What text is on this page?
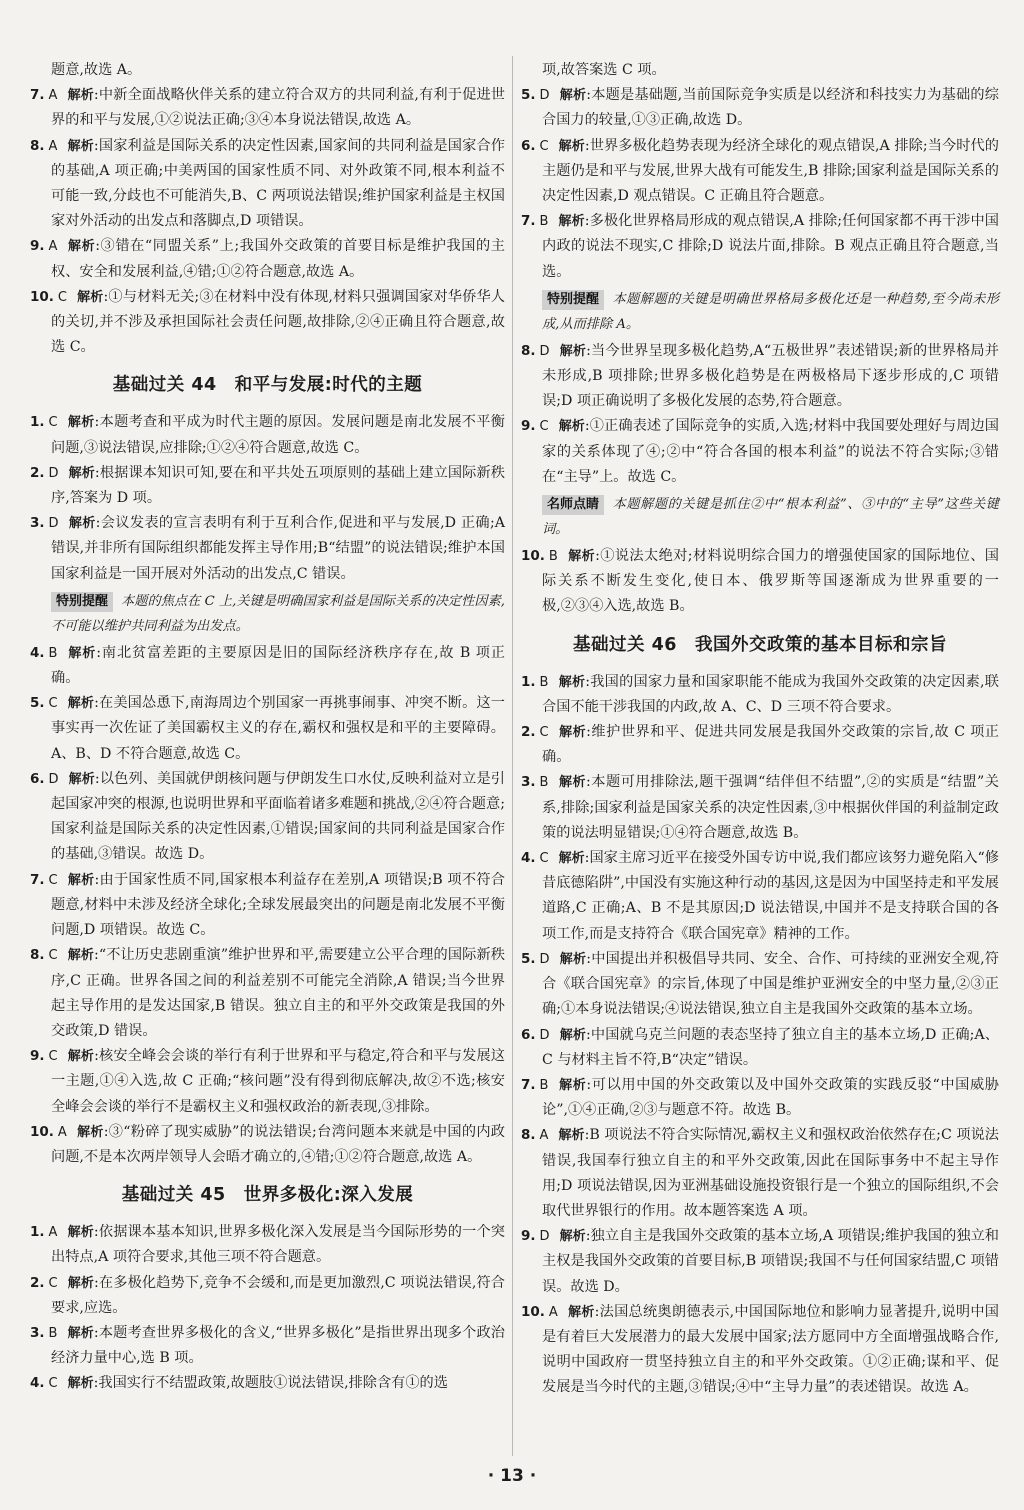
题意,故选 A。

7. A 解析:中新全面战略伙伴关系的建立符合双方的共同利益,有利于促进世界的和平与发展,①②说法正确;③④本身说法错误,故选 A。

8. A 解析:国家利益是国际关系的决定性因素,国家间的共同利益是国家合作的基础,A 项正确;中美两国的国家性质不同、对外政策不同,根本利益不可能一致,分歧也不可能消失,B、C 两项说法错误;维护国家利益是主权国家对外活动的出发点和落脚点,D 项错误。

9. A 解析:③错在“同盟关系”上;我国外交政策的首要目标是维护我国的主权、安全和发展利益,④错;①②符合题意,故选 A。

10. C 解析:①与材料无关;③在材料中没有体现,材料只强调国家对华侨华人的关切,并不涉及承担国际社会责任问题,故排除,②④正确且符合题意,故选 C。

基础过关 44　和平与发展:时代的主题

1. C 解析:本题考查和平成为时代主题的原因。发展问题是南北发展不平衡问题,③说法错误,应排除;①②④符合题意,故选 C。

2. D 解析:根据课本知识可知,要在和平共处五项原则的基础上建立国际新秩序,答案为 D 项。

3. D 解析:会议发表的宣言表明有利于互利合作,促进和平与发展,D 正确;A 错误,并非所有国际组织都能发挥主导作用;B“结盟”的说法错误;维护本国国家利益是一国开展对外活动的出发点,C 错误。

特别提醒 本题的焦点在 C 上,关键是明确国家利益是国际关系的决定性因素,不可能以维护共同利益为出发点。

4. B 解析:南北贫富差距的主要原因是旧的国际经济秩序存在,故 B 项正确。

5. C 解析:在美国怂恿下,南海周边个别国家一再挑事闹事、冲突不断。这一事实再一次佐证了美国霸权主义的存在,霸权和强权是和平的主要障碍。A、B、D 不符合题意,故选 C。

6. D 解析:以色列、美国就伊朗核问题与伊朗发生口水仗,反映利益对立是引起国家冲突的根源,也说明世界和平面临着诸多难题和挑战,②④符合题意;国家利益是国际关系的决定性因素,①错误;国家间的共同利益是国家合作的基础,③错误。故选 D。

7. C 解析:由于国家性质不同,国家根本利益存在差别,A 项错误;B 项不符合题意,材料中未涉及经济全球化;全球发展最突出的问题是南北发展不平衡问题,D 项错误。故选 C。

8. C 解析:“不让历史悲剧重演”维护世界和平,需要建立公平合理的国际新秩序,C 正确。世界各国之间的利益差别不可能完全消除,A 错误;当今世界起主导作用的是发达国家,B 错误。独立自主的和平外交政策是我国的外交政策,D 错误。

9. C 解析:核安全峰会会谈的举行有利于世界和平与稳定,符合和平与发展这一主题,①④入选,故 C 正确;“核问题”没有得到彻底解决,故②不选;核安全峰会会谈的举行不是霸权主义和强权政治的新表现,③排除。

10. A 解析:③“粉碎了现实威胁”的说法错误;台湾问题本来就是中国的内政问题,不是本次两岸领导人会晤才确立的,④错;①②符合题意,故选 A。

基础过关 45　世界多极化:深入发展

1. A 解析:依据课本基本知识,世界多极化深入发展是当今国际形势的一个突出特点,A 项符合要求,其他三项不符合题意。

2. C 解析:在多极化趋势下,竞争不会缓和,而是更加激烈,C 项说法错误,符合要求,应选。

3. B 解析:本题考查世界多极化的含义,“世界多极化”是指世界出现多个政治经济力量中心,选 B 项。

4. C 解析:我国实行不结盟政策,故题肢①说法错误,排除含有①的选

项,故答案选 C 项。

5. D 解析:本题是基础题,当前国际竞争实质是以经济和科技实力为基础的综合国力的较量,①③正确,故选 D。

6. C 解析:世界多极化趋势表现为经济全球化的观点错误,A 排除;当今时代的主题仍是和平与发展,世界大战有可能发生,B 排除;国家利益是国际关系的决定性因素,D 观点错误。C 正确且符合题意。

7. B 解析:多极化世界格局形成的观点错误,A 排除;任何国家都不再干涉中国内政的说法不现实,C 排除;D 说法片面,排除。B 观点正确且符合题意,当选。

特别提醒 本题解题的关键是明确世界格局多极化还是一种趋势,至今尚未形成,从而排除 A。

8. D 解析:当今世界呈现多极化趋势,A“五极世界”表述错误;新的世界格局并未形成,B 项排除;世界多极化趋势是在两极格局下逐步形成的,C 项错误;D 项正确说明了多极化发展的态势,符合题意。

9. C 解析:①正确表述了国际竞争的实质,入选;材料中我国要处理好与周边国家的关系体现了④;②中“符合各国的根本利益”的说法不符合实际;③错在“主导”上。故选 C。

名师点睛 本题解题的关键是抓住②中“根本利益”、③中的“主导”这些关键词。

10. B 解析:①说法太绝对;材料说明综合国力的增强使国家的国际地位、国际关系不断发生变化,使日本、俄罗斯等国逐渐成为世界重要的一极,②③④入选,故选 B。

基础过关 46　我国外交政策的基本目标和宗旨

1. B 解析:我国的国家力量和国家职能不能成为我国外交政策的决定因素,联合国不能干涉我国的内政,故 A、C、D 三项不符合要求。

2. C 解析:维护世界和平、促进共同发展是我国外交政策的宗旨,故 C 项正确。

3. B 解析:本题可用排除法,题干强调“结伴但不结盟”,②的实质是“结盟”关系,排除;国家利益是国家关系的决定性因素,③中根据伙伴国的利益制定政策的说法明显错误;①④符合题意,故选 B。

4. C 解析:国家主席习近平在接受外国专访中说,我们都应该努力避免陷入“修昔底德陷阱”,中国没有实施这种行动的基因,这是因为中国坚持走和平发展道路,C 正确;A、B 不是其原因;D 说法错误,中国并不是支持联合国的各项工作,而是支持符合《联合国宪章》精神的工作。

5. D 解析:中国提出并积极倡导共同、安全、合作、可持续的亚洲安全观,符合《联合国宪章》的宗旨,体现了中国是维护亚洲安全的中坚力量,②③正确;①本身说法错误;④说法错误,独立自主是我国外交政策的基本立场。

6. D 解析:中国就乌克兰问题的表态坚持了独立自主的基本立场,D 正确;A、C 与材料主旨不符,B“决定”错误。

7. B 解析:可以用中国的外交政策以及中国外交政策的实践反驳“中国威胁论”,①④正确,②③与题意不符。故选 B。

8. A 解析:B 项说法不符合实际情况,霸权主义和强权政治依然存在;C 项说法错误,我国奉行独立自主的和平外交政策,因此在国际事务中不起主导作用;D 项说法错误,因为亚洲基础设施投资银行是一个独立的国际组织,不会取代世界银行的作用。故本题答案选 A 项。

9. D 解析:独立自主是我国外交政策的基本立场,A 项错误;维护我国的独立和主权是我国外交政策的首要目标,B 项错误;我国不与任何国家结盟,C 项错误。故选 D。

10. A 解析:法国总统奥朗德表示,中国国际地位和影响力显著提升,说明中国是有着巨大发展潜力的最大发展中国家;法方愿同中方全面增强战略合作,说明中国政府一贯坚持独立自主的和平外交政策。①②正确;谋和平、促发展是当今时代的主题,③错误;④中“主导力量”的表述错误。故选 A。

· 13 ·
